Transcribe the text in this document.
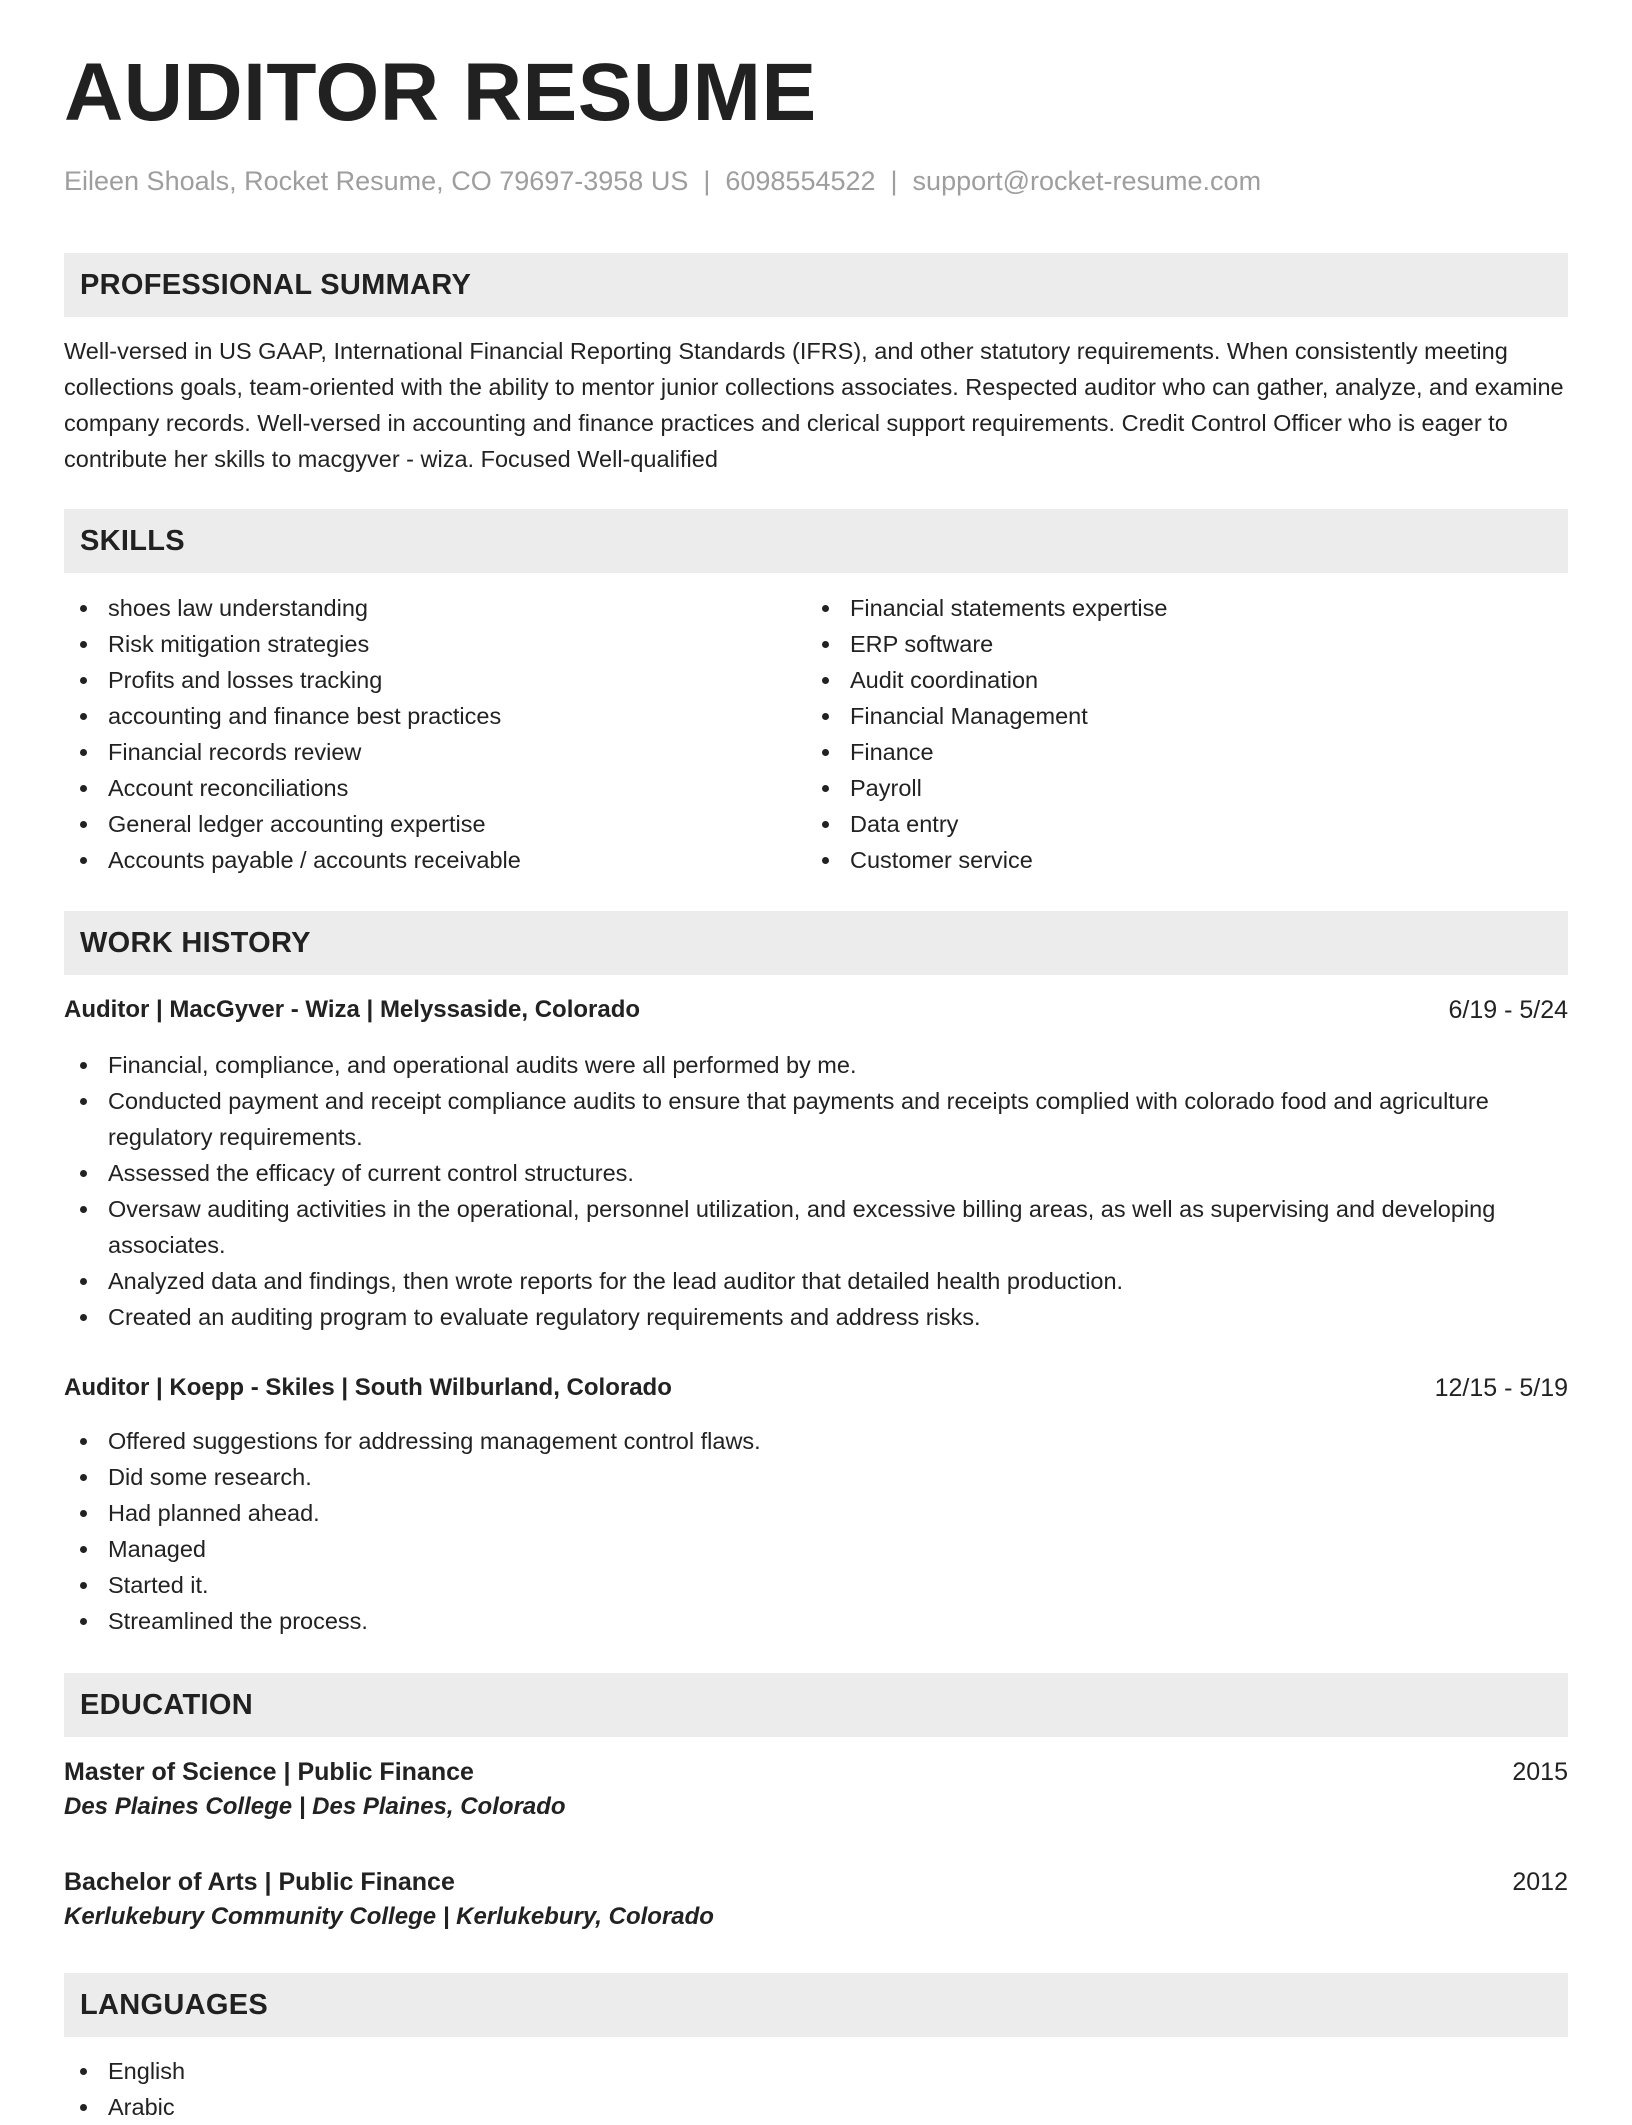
AUDITOR RESUME

Eileen Shoals, Rocket Resume, CO 79697-3958 US | 6098554522 | support@rocket-resume.com

PROFESSIONAL SUMMARY

Well-versed in US GAAP, International Financial Reporting Standards (IFRS), and other statutory requirements. When consistently meeting collections goals, team-oriented with the ability to mentor junior collections associates. Respected auditor who can gather, analyze, and examine company records. Well-versed in accounting and finance practices and clerical support requirements. Credit Control Officer who is eager to contribute her skills to macgyver - wiza. Focused Well-qualified

SKILLS
shoes law understanding
Risk mitigation strategies
Profits and losses tracking
accounting and finance best practices
Financial records review
Account reconciliations
General ledger accounting expertise
Accounts payable / accounts receivable
Financial statements expertise
ERP software
Audit coordination
Financial Management
Finance
Payroll
Data entry
Customer service
WORK HISTORY
Auditor | MacGyver - Wiza | Melyssaside, Colorado	6/19 - 5/24
Financial, compliance, and operational audits were all performed by me.
Conducted payment and receipt compliance audits to ensure that payments and receipts complied with colorado food and agriculture regulatory requirements.
Assessed the efficacy of current control structures.
Oversaw auditing activities in the operational, personnel utilization, and excessive billing areas, as well as supervising and developing associates.
Analyzed data and findings, then wrote reports for the lead auditor that detailed health production.
Created an auditing program to evaluate regulatory requirements and address risks.
Auditor | Koepp - Skiles | South Wilburland, Colorado	12/15 - 5/19
Offered suggestions for addressing management control flaws.
Did some research.
Had planned ahead.
Managed
Started it.
Streamlined the process.
EDUCATION
Master of Science | Public Finance	2015
Des Plaines College | Des Plaines, Colorado
Bachelor of Arts | Public Finance	2012
Kerlukebury Community College | Kerlukebury, Colorado
LANGUAGES
English
Arabic
